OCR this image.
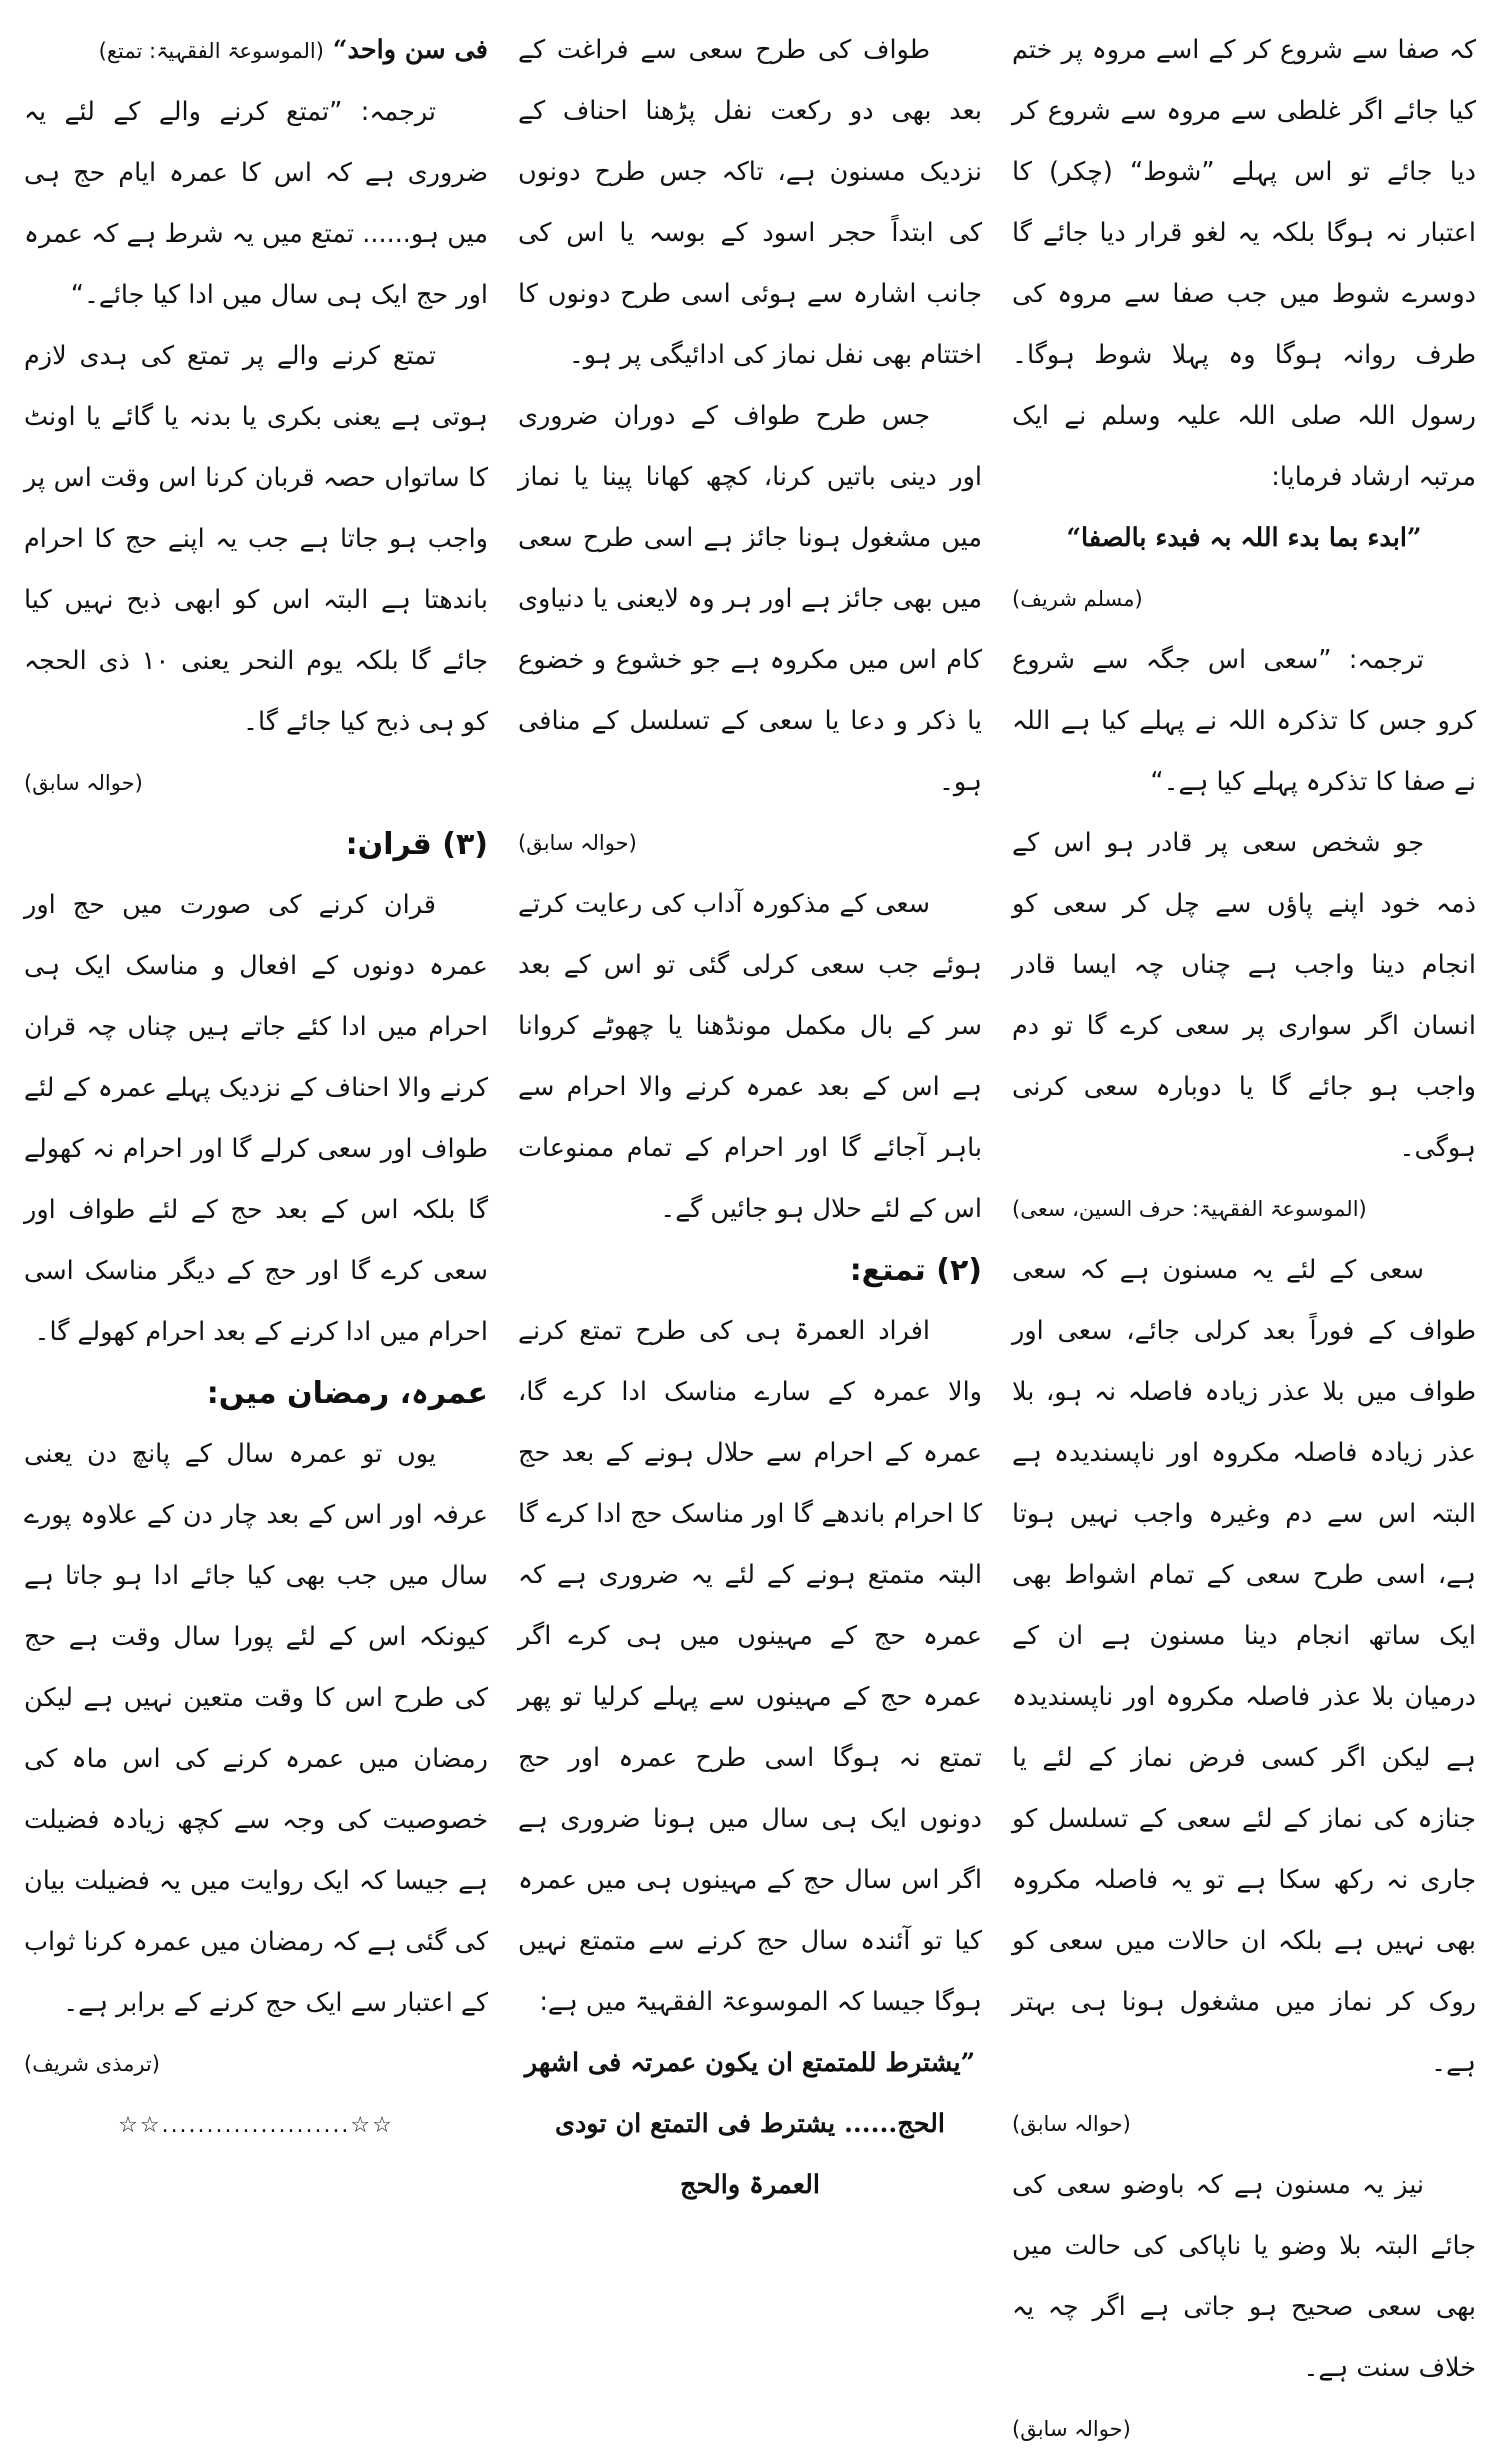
کہ صفا سے شروع کر کے اسے مروہ پر ختم کیا جائے اگر غلطی سے مروہ سے شروع کر دیا جائے تو اس پہلے ”شوط“ (چکر) کا اعتبار نہ ہوگا بلکہ یہ لغو قرار دیا جائے گا دوسرے شوط میں جب صفا سے مروہ کی طرف روانہ ہوگا وہ پہلا شوط ہوگا۔ رسول اللہ صلی اللہ علیہ وسلم نے ایک مرتبہ ارشاد فرمایا:

”ابدء بما بدء اللہ بہ فبدء بالصفا“

(مسلم شریف)

ترجمہ: ”سعی اس جگہ سے شروع کرو جس کا تذکرہ اللہ نے پہلے کیا ہے اللہ نے صفا کا تذکرہ پہلے کیا ہے۔“

جو شخص سعی پر قادر ہو اس کے ذمہ خود اپنے پاؤں سے چل کر سعی کو انجام دینا واجب ہے چناں چہ ایسا قادر انسان اگر سواری پر سعی کرے گا تو دم واجب ہو جائے گا یا دوبارہ سعی کرنی ہوگی۔

(الموسوعۃ الفقہیۃ: حرف السین، سعی)

سعی کے لئے یہ مسنون ہے کہ سعی طواف کے فوراً بعد کرلی جائے، سعی اور طواف میں بلا عذر زیادہ فاصلہ نہ ہو، بلا عذر زیادہ فاصلہ مکروہ اور ناپسندیدہ ہے البتہ اس سے دم وغیرہ واجب نہیں ہوتا ہے، اسی طرح سعی کے تمام اشواط بھی ایک ساتھ انجام دینا مسنون ہے ان کے درمیان بلا عذر فاصلہ مکروہ اور ناپسندیدہ ہے لیکن اگر کسی فرض نماز کے لئے یا جنازہ کی نماز کے لئے سعی کے تسلسل کو جاری نہ رکھ سکا ہے تو یہ فاصلہ مکروہ بھی نہیں ہے بلکہ ان حالات میں سعی کو روک کر نماز میں مشغول ہونا ہی بہتر ہے۔

(حوالہ سابق)

نیز یہ مسنون ہے کہ باوضو سعی کی جائے البتہ بلا وضو یا ناپاکی کی حالت میں بھی سعی صحیح ہو جاتی ہے اگر چہ یہ خلاف سنت ہے۔

(حوالہ سابق)

طواف کی طرح سعی سے فراغت کے بعد بھی دو رکعت نفل پڑھنا احناف کے نزدیک مسنون ہے، تاکہ جس طرح دونوں کی ابتداً حجر اسود کے بوسہ یا اس کی جانب اشارہ سے ہوئی اسی طرح دونوں کا اختتام بھی نفل نماز کی ادائیگی پر ہو۔

جس طرح طواف کے دوران ضروری اور دینی باتیں کرنا، کچھ کھانا پینا یا نماز میں مشغول ہونا جائز ہے اسی طرح سعی میں بھی جائز ہے اور ہر وہ لایعنی یا دنیاوی کام اس میں مکروہ ہے جو خشوع و خضوع یا ذکر و دعا یا سعی کے تسلسل کے منافی ہو۔

(حوالہ سابق)

سعی کے مذکورہ آداب کی رعایت کرتے ہوئے جب سعی کرلی گئی تو اس کے بعد سر کے بال مکمل مونڈھنا یا چھوٹے کروانا ہے اس کے بعد عمرہ کرنے والا احرام سے باہر آجائے گا اور احرام کے تمام ممنوعات اس کے لئے حلال ہو جائیں گے۔

(۲) تمتع:

افراد العمرۃ ہی کی طرح تمتع کرنے والا عمرہ کے سارے مناسک ادا کرے گا، عمرہ کے احرام سے حلال ہونے کے بعد حج کا احرام باندھے گا اور مناسک حج ادا کرے گا البتہ متمتع ہونے کے لئے یہ ضروری ہے کہ عمرہ حج کے مہینوں میں ہی کرے اگر عمرہ حج کے مہینوں سے پہلے کرلیا تو پھر تمتع نہ ہوگا اسی طرح عمرہ اور حج دونوں ایک ہی سال میں ہونا ضروری ہے اگر اس سال حج کے مہینوں ہی میں عمرہ کیا تو آئندہ سال حج کرنے سے متمتع نہیں ہوگا جیسا کہ الموسوعۃ الفقہیۃ میں ہے:

”یشترط للمتمتع ان یکون عمرتہ فی اشھر الحج...... یشترط فی التمتع ان تودی العمرۃ والحج

فی سن واحد“ (الموسوعۃ الفقہیۃ: تمتع)

ترجمہ: ”تمتع کرنے والے کے لئے یہ ضروری ہے کہ اس کا عمرہ ایام حج ہی میں ہو...... تمتع میں یہ شرط ہے کہ عمرہ اور حج ایک ہی سال میں ادا کیا جائے۔“

تمتع کرنے والے پر تمتع کی ہدی لازم ہوتی ہے یعنی بکری یا بدنہ یا گائے یا اونٹ کا ساتواں حصہ قربان کرنا اس وقت اس پر واجب ہو جاتا ہے جب یہ اپنے حج کا احرام باندھتا ہے البتہ اس کو ابھی ذبح نہیں کیا جائے گا بلکہ یوم النحر یعنی ۱۰ ذی الحجہ کو ہی ذبح کیا جائے گا۔

(حوالہ سابق)

(۳) قران:

قران کرنے کی صورت میں حج اور عمرہ دونوں کے افعال و مناسک ایک ہی احرام میں ادا کئے جاتے ہیں چناں چہ قران کرنے والا احناف کے نزدیک پہلے عمرہ کے لئے طواف اور سعی کرلے گا اور احرام نہ کھولے گا بلکہ اس کے بعد حج کے لئے طواف اور سعی کرے گا اور حج کے دیگر مناسک اسی احرام میں ادا کرنے کے بعد احرام کھولے گا۔

عمرہ، رمضان میں:

یوں تو عمرہ سال کے پانچ دن یعنی عرفہ اور اس کے بعد چار دن کے علاوہ پورے سال میں جب بھی کیا جائے ادا ہو جاتا ہے کیونکہ اس کے لئے پورا سال وقت ہے حج کی طرح اس کا وقت متعین نہیں ہے لیکن رمضان میں عمرہ کرنے کی اس ماہ کی خصوصیت کی وجہ سے کچھ زیادہ فضیلت ہے جیسا کہ ایک روایت میں یہ فضیلت بیان کی گئی ہے کہ رمضان میں عمرہ کرنا ثواب کے اعتبار سے ایک حج کرنے کے برابر ہے۔

(ترمذی شریف)

☆☆.....................☆☆
